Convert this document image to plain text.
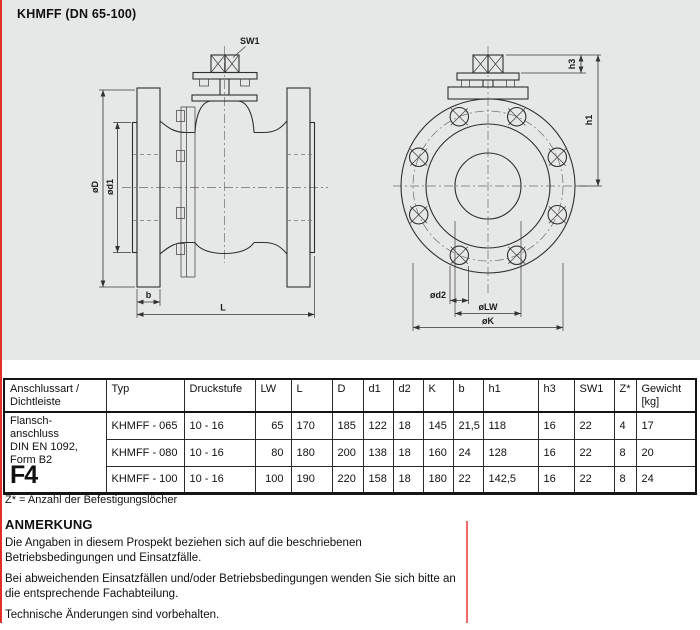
KHMFF (DN 65-100)
SW1
øD ød1
b
L
h3
h1
ød2
øLW
øK
Anschlussart / Dichtleiste	Typ	Druckstufe	LW	L	D	d1	d2	K	b	h1	h3	SW1	Z*	Gewicht [kg]

Flansch-
anschluss
DIN EN 1092,
Form B2
F4	KHMFF - 065	10 - 16	65	170	185	122	18	145	21,5	118	16	22	4	17
	KHMFF - 080	10 - 16	80	180	200	138	18	160	24	128	16	22	8	20
	KHMFF - 100	10 - 16	100	190	220	158	18	180	22	142,5	16	22	8	24
Z* = Anzahl der Befestigungslöcher
ANMERKUNG

Die Angaben in diesem Prospekt beziehen sich auf die beschriebenen Betriebsbedingungen und Einsatzfälle.

Bei abweichenden Einsatzfällen und/oder Betriebsbedingungen wenden Sie sich bitte an die entsprechende Fachabteilung.

Technische Änderungen sind vorbehalten.
